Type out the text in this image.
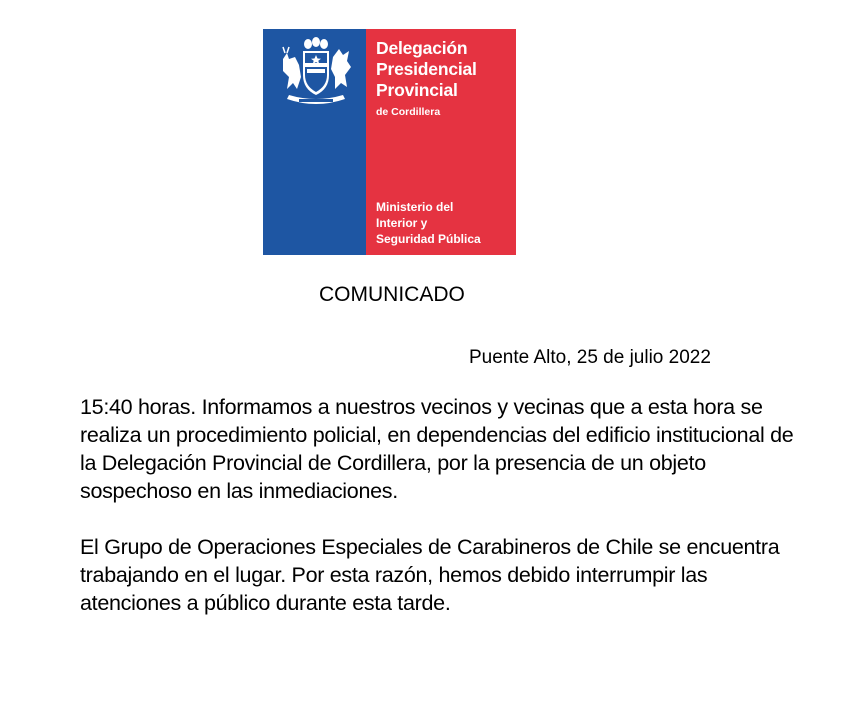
Delegación
Presidencial
Provincial
de Cordillera
Ministerio del
Interior y
Seguridad Pública
COMUNICADO
Puente Alto, 25 de julio 2022

15:40 horas. Informamos a nuestros vecinos y vecinas que a esta hora se realiza un procedimiento policial, en dependencias del edificio institucional de la Delegación Provincial de Cordillera, por la presencia de un objeto sospechoso en las inmediaciones.

El Grupo de Operaciones Especiales de Carabineros de Chile se encuentra trabajando en el lugar. Por esta razón, hemos debido interrumpir las atenciones a público durante esta tarde.
